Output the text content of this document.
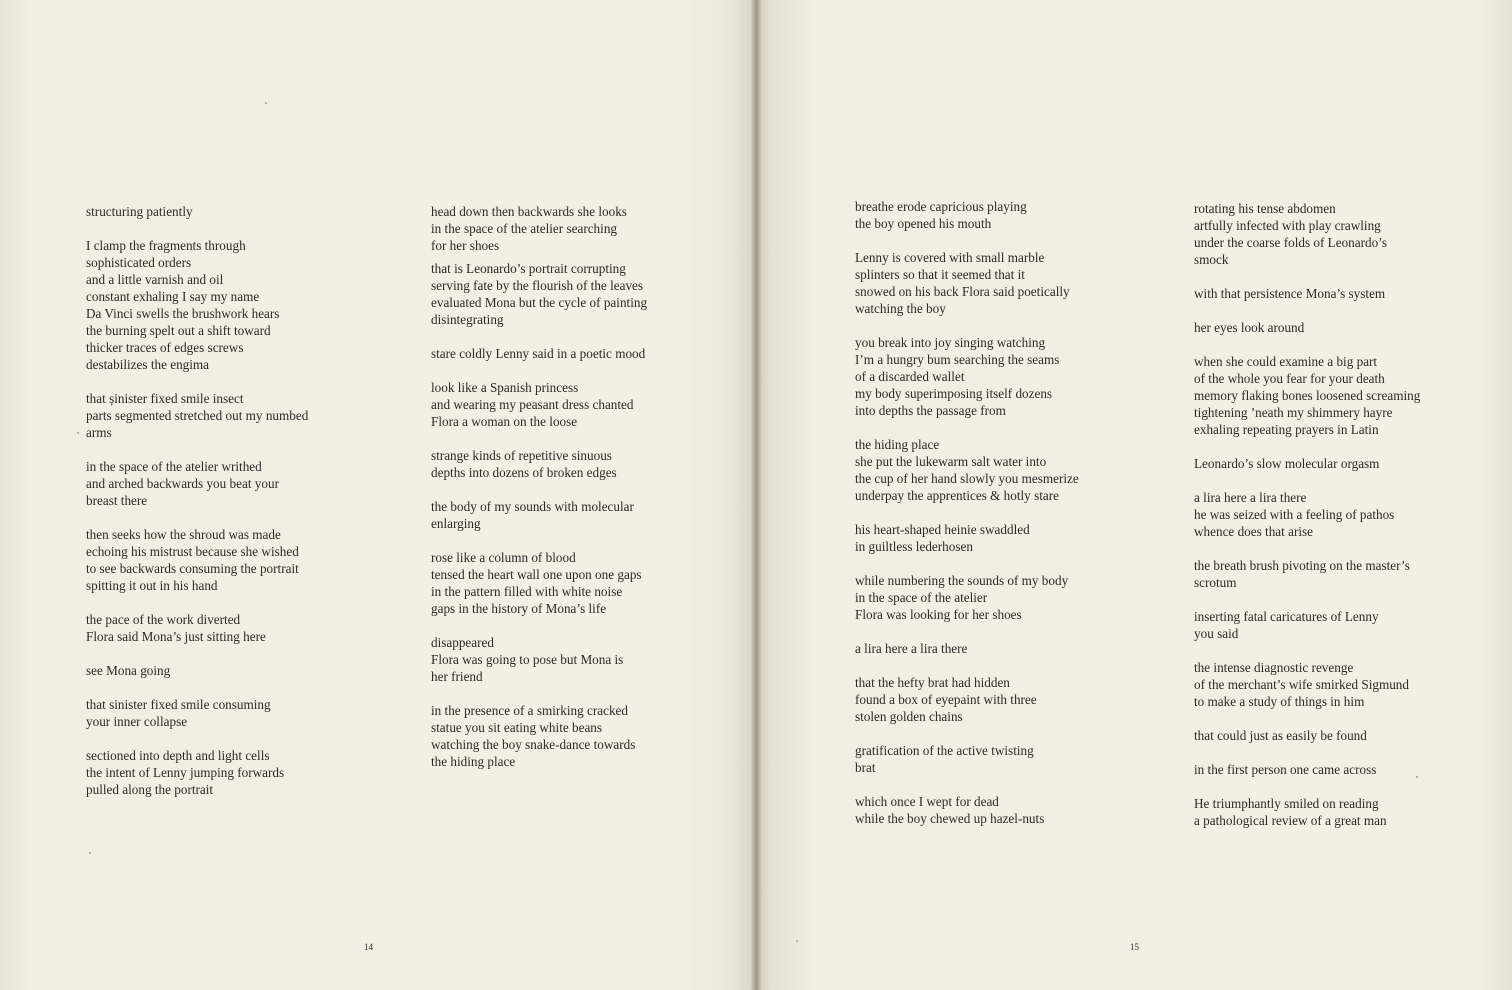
structuring patiently
I clamp the fragments through
sophisticated orders
and a little varnish and oil
constant exhaling I say my name
Da Vinci swells the brushwork hears
the burning spelt out a shift toward
thicker traces of edges screws
destabilizes the engima
that șinister fixed smile insect
parts segmented stretched out my numbed
arms
in the space of the atelier writhed
and arched backwards you beat your
breast there
then seeks how the shroud was made
echoing his mistrust because she wished
to see backwards consuming the portrait
spitting it out in his hand
the pace of the work diverted
Flora said Mona’s just sitting here
see Mona going
that sinister fixed smile consuming
your inner collapse
sectioned into depth and light cells
the intent of Lenny jumping forwards
pulled along the portrait
head down then backwards she looks
in the space of the atelier searching
for her shoes
that is Leonardo’s portrait corrupting
serving fate by the flourish of the leaves
evaluated Mona but the cycle of painting
disintegrating
stare coldly Lenny said in a poetic mood
look like a Spanish princess
and wearing my peasant dress chanted
Flora a woman on the loose
strange kinds of repetitive sinuous
depths into dozens of broken edges
the body of my sounds with molecular
enlarging
rose like a column of blood
tensed the heart wall one upon one gaps
in the pattern filled with white noise
gaps in the history of Mona’s life
disappeared
Flora was going to pose but Mona is
her friend
in the presence of a smirking cracked
statue you sit eating white beans
watching the boy snake-dance towards
the hiding place
14
breathe erode capricious playing
the boy opened his mouth
Lenny is covered with small marble
splinters so that it seemed that it
snowed on his back Flora said poetically
watching the boy
you break into joy singing watching
I’m a hungry bum searching the seams
of a discarded wallet
my body superimposing itself dozens
into depths the passage from
the hiding place
she put the lukewarm salt water into
the cup of her hand slowly you mesmerize
underpay the apprentices & hotly stare
his heart-shaped heinie swaddled
in guiltless lederhosen
while numbering the sounds of my body
in the space of the atelier
Flora was looking for her shoes
a lira here a lira there
that the hefty brat had hidden
found a box of eyepaint with three
stolen golden chains
gratification of the active twisting
brat
which once I wept for dead
while the boy chewed up hazel-nuts
rotating his tense abdomen
artfully infected with play crawling
under the coarse folds of Leonardo’s
smock
with that persistence Mona’s system
her eyes look around
when she could examine a big part
of the whole you fear for your death
memory flaking bones loosened screaming
tightening ’neath my shimmery hayre
exhaling repeating prayers in Latin
Leonardo’s slow molecular orgasm
a lira here a lira there
he was seized with a feeling of pathos
whence does that arise
the breath brush pivoting on the master’s
scrotum
inserting fatal caricatures of Lenny
you said
the intense diagnostic revenge
of the merchant’s wife smirked Sigmund
to make a study of things in him
that could just as easily be found
in the first person one came across
He triumphantly smiled on reading
a pathological review of a great man
15
